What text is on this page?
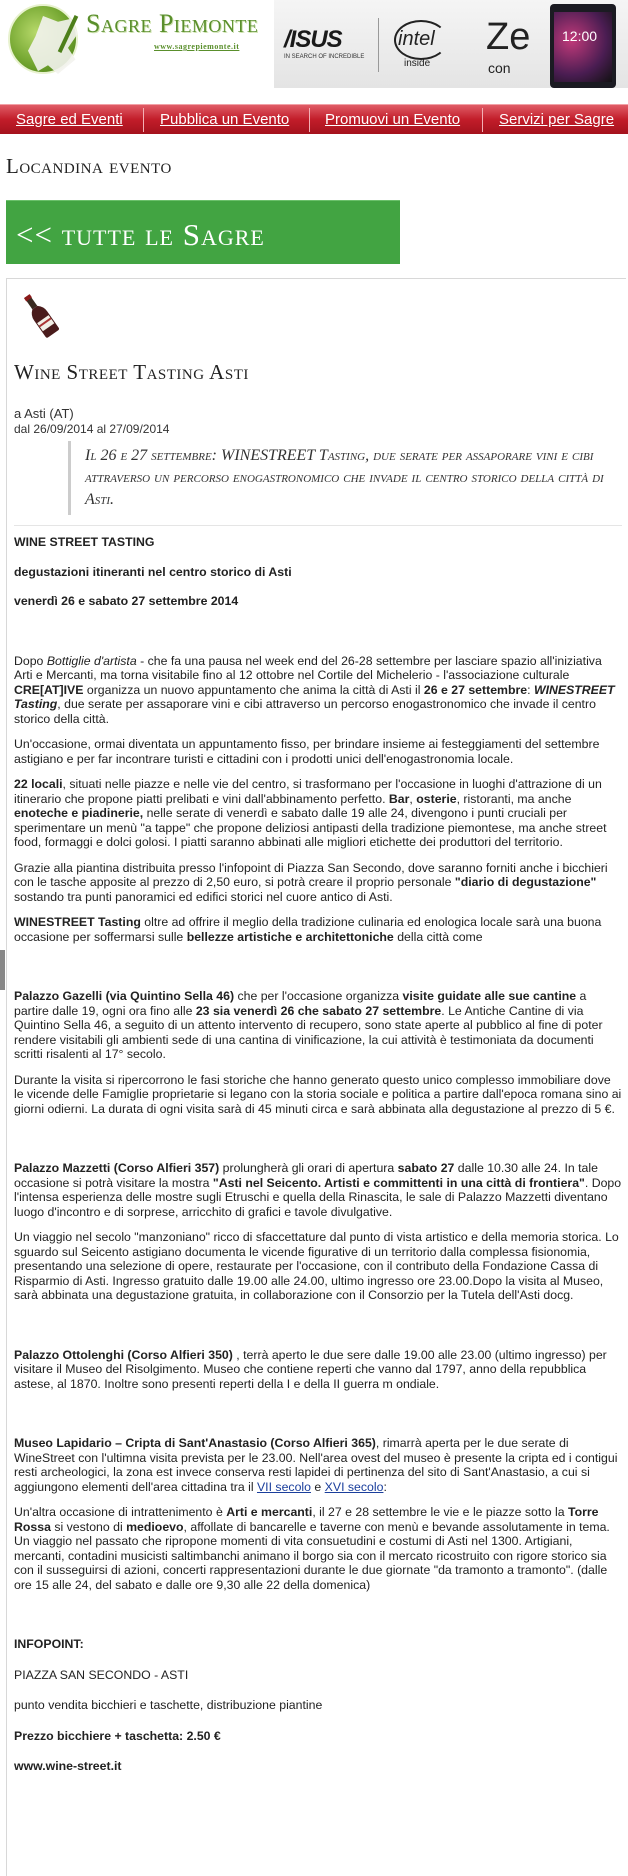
Sagre Piemonte
www.sagrepiemonte.it /ISUS
IN SEARCH OF INCREDIBLE
intel
inside
Ze
con
12:00
Sagre ed Eventi Pubblica un Evento Promuovi un Evento	Servizi per Sagre
Locandina evento
<< tutte le Sagre
Wine Street Tasting Asti
a Asti (AT)
dal 26/09/2014 al 27/09/2014
Il 26 e 27 settembre: WINESTREET Tasting, due serate per assaporare vini e cibi attraverso un percorso enogastronomico che invade il centro storico della città di Asti.

WINE STREET TASTING

degustazioni itineranti nel centro storico di Asti

venerdì 26 e sabato 27 settembre 2014

Dopo Bottiglie d'artista - che fa una pausa nel week end del 26-28 settembre per lasciare spazio all'iniziativa Arti e Mercanti, ma torna visitabile fino al 12 ottobre nel Cortile del Michelerio - l'associazione culturale CRE[AT]IVE organizza un nuovo appuntamento che anima la città di Asti il 26 e 27 settembre: WINESTREET Tasting, due serate per assaporare vini e cibi attraverso un percorso enogastronomico che invade il centro storico della città.

Un'occasione, ormai diventata un appuntamento fisso, per brindare insieme ai festeggiamenti del settembre astigiano e per far incontrare turisti e cittadini con i prodotti unici dell'enogastronomia locale.

22 locali, situati nelle piazze e nelle vie del centro, si trasformano per l'occasione in luoghi d'attrazione di un itinerario che propone piatti prelibati e vini dall'abbinamento perfetto. Bar, osterie, ristoranti, ma anche enoteche e piadinerie, nelle serate di venerdì e sabato dalle 19 alle 24, divengono i punti cruciali per sperimentare un menù "a tappe" che propone deliziosi antipasti della tradizione piemontese, ma anche street food, formaggi e dolci golosi. I piatti saranno abbinati alle migliori etichette dei produttori del territorio.

Grazie alla piantina distribuita presso l'infopoint di Piazza San Secondo, dove saranno forniti anche i bicchieri con le tasche apposite al prezzo di 2,50 euro, si potrà creare il proprio personale "diario di degustazione" sostando tra punti panoramici ed edifici storici nel cuore antico di Asti.

WINESTREET Tasting oltre ad offrire il meglio della tradizione culinaria ed enologica locale sarà una buona occasione per soffermarsi sulle bellezze artistiche e architettoniche della città come

Palazzo Gazelli (via Quintino Sella 46) che per l'occasione organizza visite guidate alle sue cantine a partire dalle 19, ogni ora fino alle 23 sia venerdì 26 che sabato 27 settembre. Le Antiche Cantine di via Quintino Sella 46, a seguito di un attento intervento di recupero, sono state aperte al pubblico al fine di poter rendere visitabili gli ambienti sede di una cantina di vinificazione, la cui attività è testimoniata da documenti scritti risalenti al 17° secolo.

Durante la visita si ripercorrono le fasi storiche che hanno generato questo unico complesso immobiliare dove le vicende delle Famiglie proprietarie si legano con la storia sociale e politica a partire dall'epoca romana sino ai giorni odierni. La durata di ogni visita sarà di 45 minuti circa e sarà abbinata alla degustazione al prezzo di 5 €.

Palazzo Mazzetti (Corso Alfieri 357) prolungherà gli orari di apertura sabato 27 dalle 10.30 alle 24. In tale occasione si potrà visitare la mostra "Asti nel Seicento. Artisti e committenti in una città di frontiera". Dopo l'intensa esperienza delle mostre sugli Etruschi e quella della Rinascita, le sale di Palazzo Mazzetti diventano luogo d'incontro e di sorprese, arricchito di grafici e tavole divulgative.

Un viaggio nel secolo "manzoniano" ricco di sfaccettature dal punto di vista artistico e della memoria storica. Lo sguardo sul Seicento astigiano documenta le vicende figurative di un territorio dalla complessa fisionomia, presentando una selezione di opere, restaurate per l'occasione, con il contributo della Fondazione Cassa di Risparmio di Asti. Ingresso gratuito dalle 19.00 alle 24.00, ultimo ingresso ore 23.00.Dopo la visita al Museo, sarà abbinata una degustazione gratuita, in collaborazione con il Consorzio per la Tutela dell'Asti docg.

Palazzo Ottolenghi (Corso Alfieri 350) , terrà aperto le due sere dalle 19.00 alle 23.00 (ultimo ingresso) per visitare il Museo del Risolgimento. Museo che contiene reperti che vanno dal 1797, anno della repubblica astese, al 1870. Inoltre sono presenti reperti della I e della II guerra m ondiale.

Museo Lapidario – Cripta di Sant'Anastasio (Corso Alfieri 365), rimarrà aperta per le due serate di WineStreet con l'ultimna visita prevista per le 23.00. Nell'area ovest del museo è presente la cripta ed i contigui resti archeologici, la zona est invece conserva resti lapidei di pertinenza del sito di Sant'Anastasio, a cui si aggiungono elementi dell'area cittadina tra il VII secolo e XVI secolo:

Un'altra occasione di intrattenimento è Arti e mercanti, il 27 e 28 settembre le vie e le piazze sotto la Torre Rossa si vestono di medioevo, affollate di bancarelle e taverne con menù e bevande assolutamente in tema. Un viaggio nel passato che ripropone momenti di vita consuetudini e costumi di Asti nel 1300. Artigiani, mercanti, contadini musicisti saltimbanchi animano il borgo sia con il mercato ricostruito con rigore storico sia con il susseguirsi di azioni, concerti rappresentazioni durante le due giornate "da tramonto a tramonto". (dalle ore 15 alle 24, del sabato e dalle ore 9,30 alle 22 della domenica)

INFOPOINT:

PIAZZA SAN SECONDO - ASTI

punto vendita bicchieri e taschette, distribuzione piantine

Prezzo bicchiere + taschetta: 2.50 €

www.wine-street.it
